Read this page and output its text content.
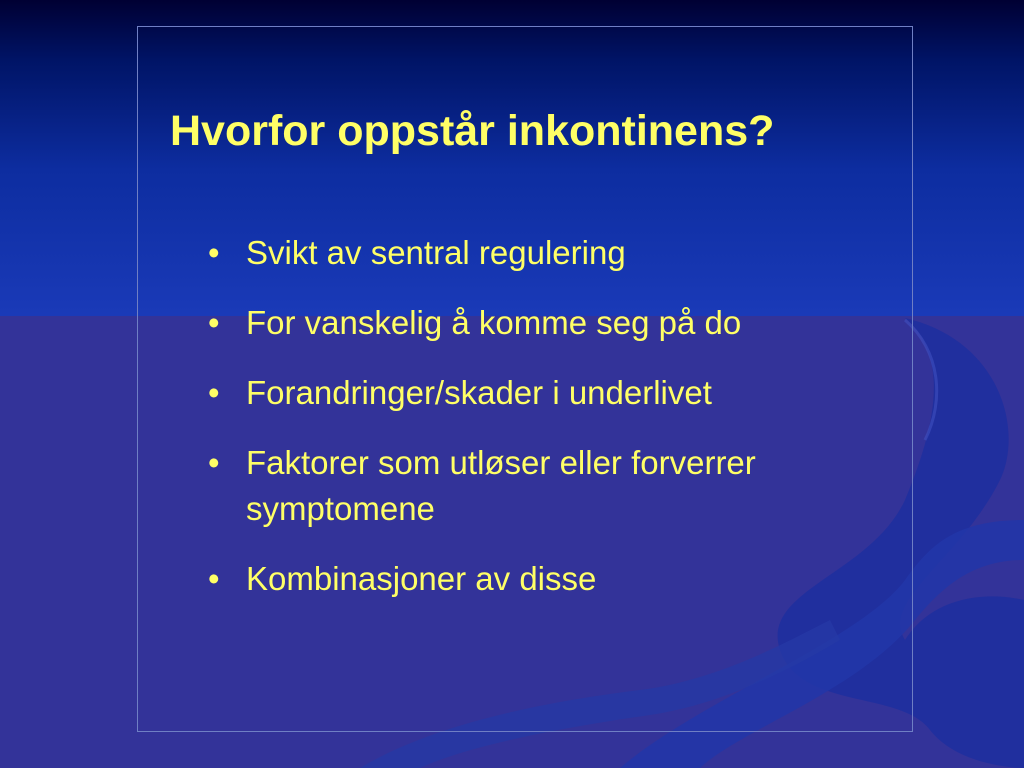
Hvorfor oppstår inkontinens?
• Svikt av sentral regulering
• For vanskelig å komme seg på do
• Forandringer/skader i underlivet
• Faktorer som utløser eller forverrer symptomene
• Kombinasjoner av disse
